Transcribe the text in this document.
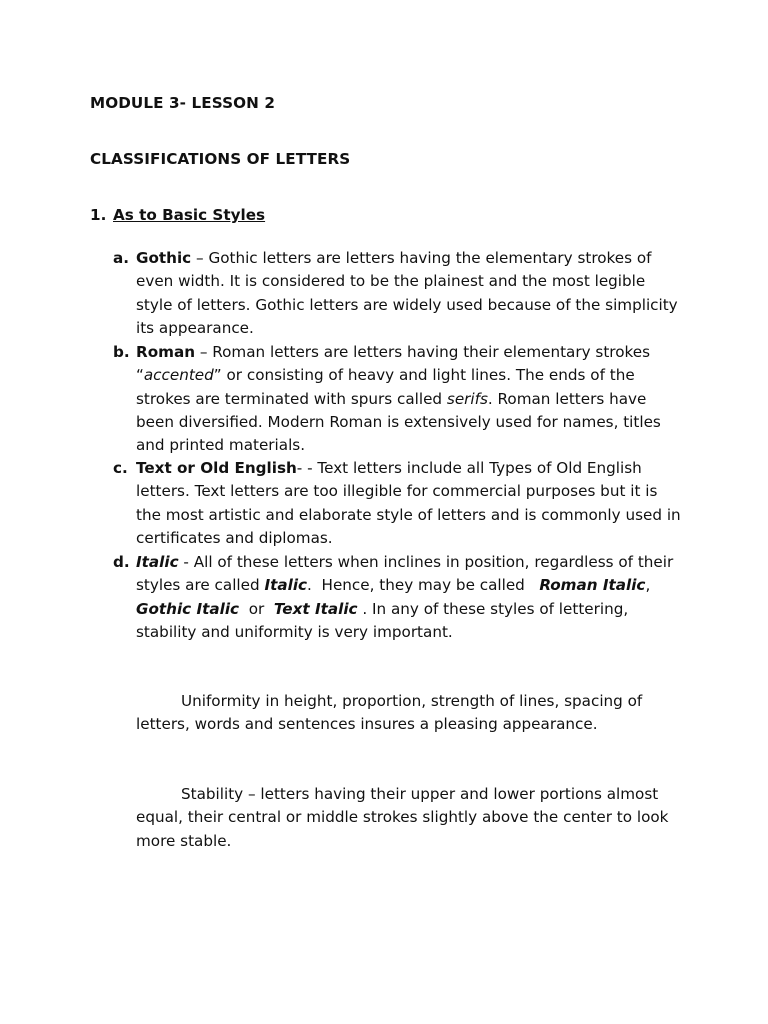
MODULE 3- LESSON 2
CLASSIFICATIONS OF LETTERS
1. As to Basic Styles
a. Gothic – Gothic letters are letters having the elementary strokes of even width. It is considered to be the plainest and the most legible style of letters. Gothic letters are widely used because of the simplicity its appearance.
b. Roman – Roman letters are letters having their elementary strokes “accented” or consisting of heavy and light lines. The ends of the strokes are terminated with spurs called serifs. Roman letters have been diversified. Modern Roman is extensively used for names, titles and printed materials.
c. Text or Old English- - Text letters include all Types of Old English letters. Text letters are too illegible for commercial purposes but it is the most artistic and elaborate style of letters and is commonly used in certificates and diplomas.
d. Italic - All of these letters when inclines in position, regardless of their styles are called Italic.  Hence, they may be called   Roman Italic, Gothic Italic  or  Text Italic . In any of these styles of lettering, stability and uniformity is very important.
Uniformity in height, proportion, strength of lines, spacing of letters, words and sentences insures a pleasing appearance.
Stability – letters having their upper and lower portions almost equal, their central or middle strokes slightly above the center to look more stable.
